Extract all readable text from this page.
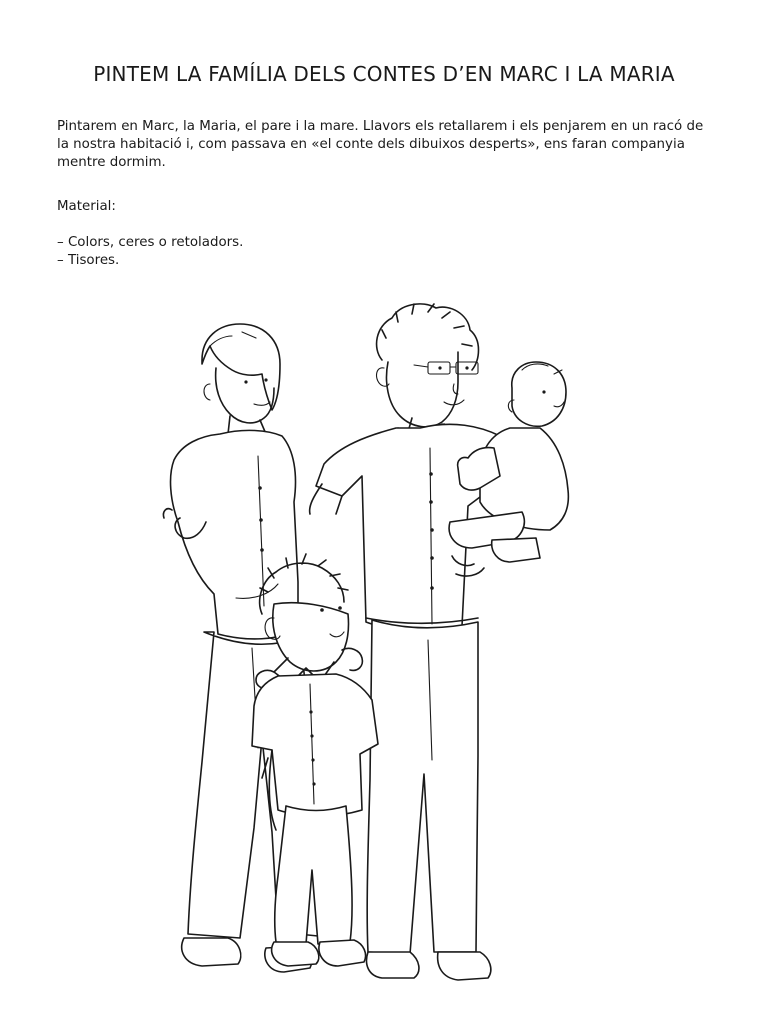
PINTEM LA FAMÍLIA DELS CONTES D’EN MARC I LA MARIA

Pintarem en Marc, la Maria, el pare i la mare. Llavors els retallarem i els penjarem en un racó de la nostra habitació i, com passava en «el conte dels dibuixos desperts», ens faran companyia mentre dormim.

Material:

– Colors, ceres o retoladors.
– Tisores.
